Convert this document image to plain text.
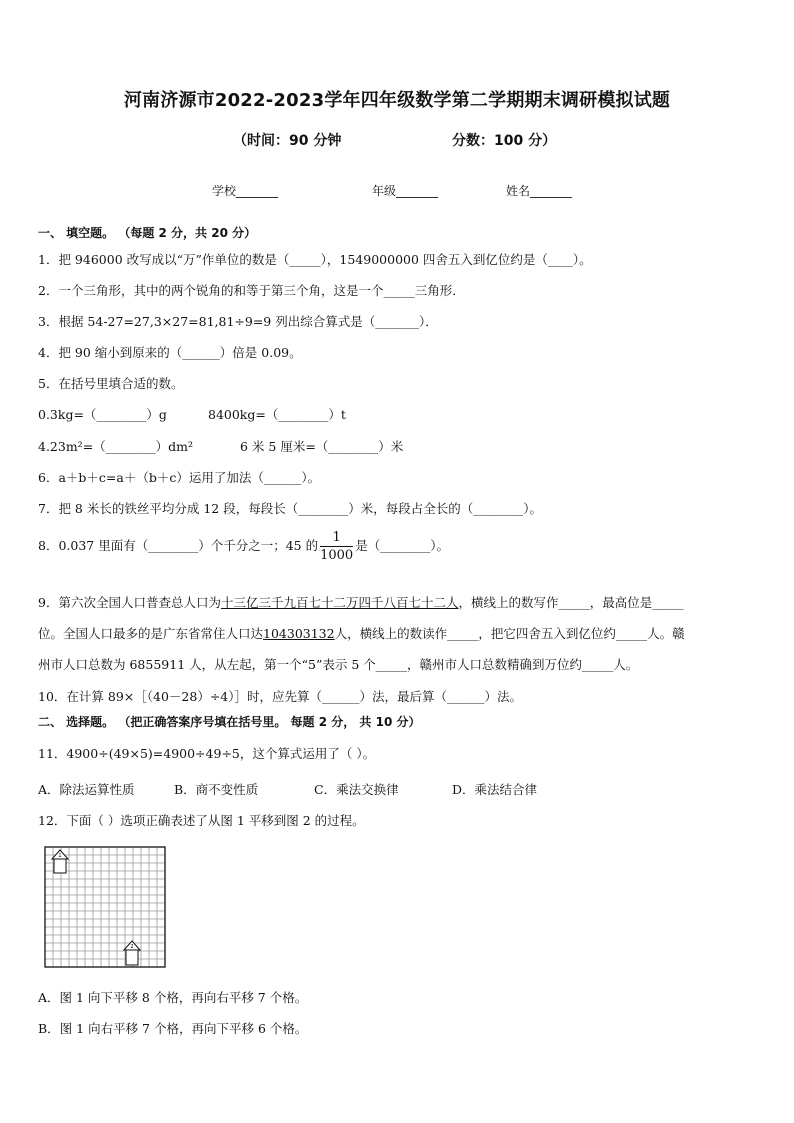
河南济源市2022-2023学年四年级数学第二学期期末调研模拟试题
（时间：90 分钟	分数：100 分）
学校_______	年级_______	姓名_______
一、 填空题。 （每题 2 分，共 20 分）
1．把 946000 改写成以“万”作单位的数是（_____），1549000000 四舍五入到亿位约是（____）。
2．一个三角形，其中的两个锐角的和等于第三个角，这是一个_____三角形．
3．根据 54-27=27,3×27=81,81÷9=9 列出综合算式是（_______）．
4．把 90 缩小到原来的（______）倍是 0.09。
5．在括号里填合适的数。
0.3kg=（________）g	8400kg=（________）t
4.23m²=（________）dm²	6 米 5 厘米=（________）米
6．a＋b＋c=a＋（b＋c）运用了加法（______）。
7．把 8 米长的铁丝平均分成 12 段，每段长（________）米，每段占全长的（________）。
8．0.037 里面有（________）个千分之一；45 的 $\frac{1}{1000}$ 是（________）。
9．第六次全国人口普查总人口为十三亿三千九百七十二万四千八百七十二人，横线上的数写作_____，最高位是_____
位。全国人口最多的是广东省常住人口达104303132人，横线上的数读作_____，把它四舍五入到亿位约_____人。赣
州市人口总数为 6855911 人，从左起，第一个“5”表示 5 个_____，赣州市人口总数精确到万位约_____人。
10．在计算 89×［（40－28）÷4）］时，应先算（______）法，最后算（______）法。
二、 选择题。 （把正确答案序号填在括号里。 每题 2 分， 共 10 分）
11．4900÷(49×5)=4900÷49÷5，这个算式运用了（ ）。
A．除法运算性质	B．商不变性质	C．乘法交换律	D．乘法结合律
12．下面（ ）选项正确表述了从图 1 平移到图 2 的过程。
1
2
A．图 1 向下平移 8 个格，再向右平移 7 个格。
B．图 1 向右平移 7 个格，再向下平移 6 个格。
